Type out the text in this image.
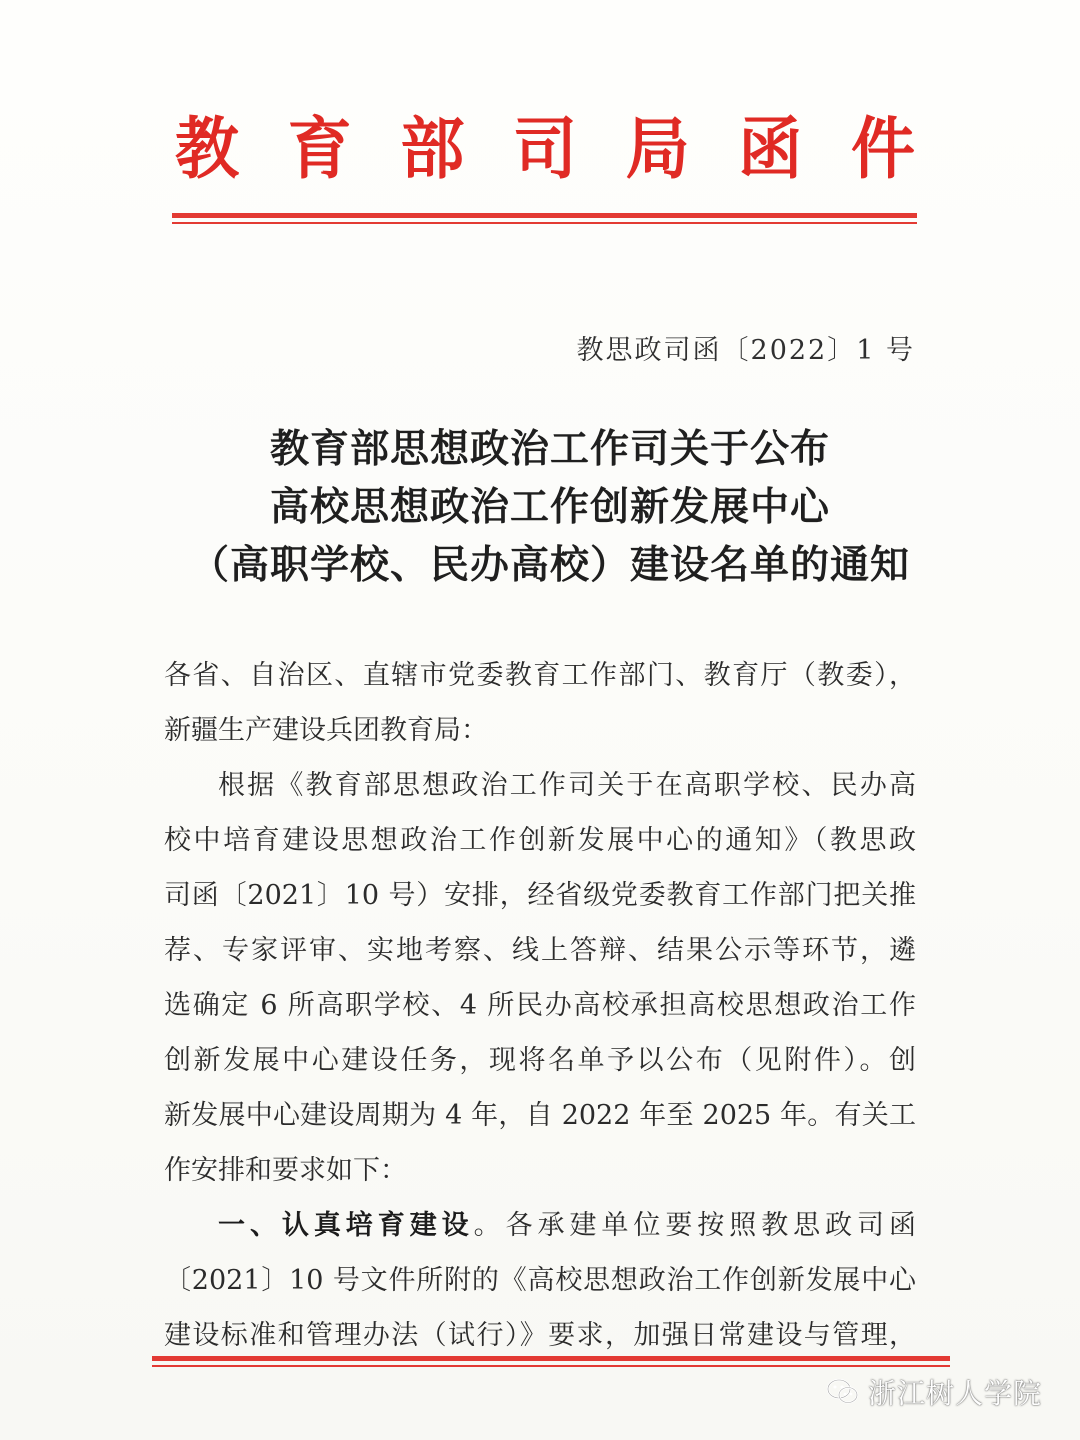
教 育 部 司 局 函 件
教思政司函〔2022〕1 号
教育部思想政治工作司关于公布
高校思想政治工作创新发展中心
（高职学校、民办高校）建设名单的通知
各省、自治区、直辖市党委教育工作部门、教育厅（教委），
新疆生产建设兵团教育局：
根据《教育部思想政治工作司关于在高职学校、民办高
校中培育建设思想政治工作创新发展中心的通知》（教思政
司函〔2021〕10 号）安排，经省级党委教育工作部门把关推
荐、专家评审、实地考察、线上答辩、结果公示等环节，遴
选确定 6 所高职学校、4 所民办高校承担高校思想政治工作
创新发展中心建设任务，现将名单予以公布（见附件）。创
新发展中心建设周期为 4 年，自 2022 年至 2025 年。有关工
作安排和要求如下：
一、认真培育建设。各承建单位要按照教思政司函
〔2021〕10 号文件所附的《高校思想政治工作创新发展中心
建设标准和管理办法（试行）》要求，加强日常建设与管理，
浙江树人学院
